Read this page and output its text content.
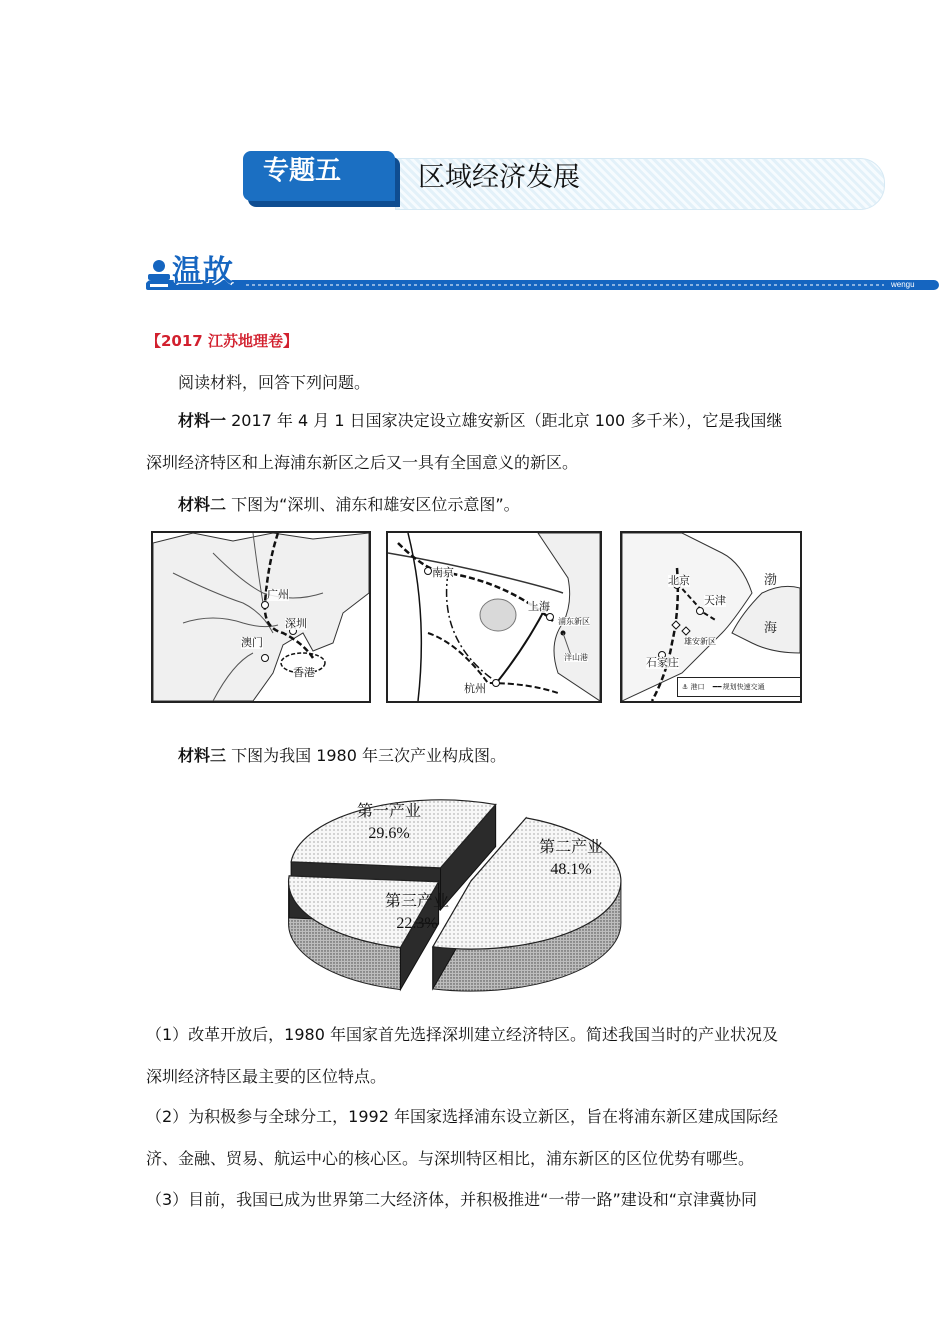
专题五	区域经济发展
温故	wengu
【2017 江苏地理卷】
阅读材料，回答下列问题。
材料一 2017 年 4 月 1 日国家决定设立雄安新区（距北京 100 多千米），它是我国继
深圳经济特区和上海浦东新区之后又一具有全国意义的新区。
材料二 下图为“深圳、浦东和雄安区位示意图”。
广州
深圳
澳门
香港
南京
上海
浦东新区
洋山港
杭州
北京
天津
雄安新区
石家庄
渤
海
⚓ 港口 ━ ━ 规划快速交通
材料三 下图为我国 1980 年三次产业构成图。
第一产业
29.6%
第二产业
48.1%
第三产业
22.3%
（1）改革开放后，1980 年国家首先选择深圳建立经济特区。简述我国当时的产业状况及
深圳经济特区最主要的区位特点。
（2）为积极参与全球分工，1992 年国家选择浦东设立新区，旨在将浦东新区建成国际经
济、金融、贸易、航运中心的核心区。与深圳特区相比，浦东新区的区位优势有哪些。
（3）目前，我国已成为世界第二大经济体，并积极推进“一带一路”建设和“京津冀协同
